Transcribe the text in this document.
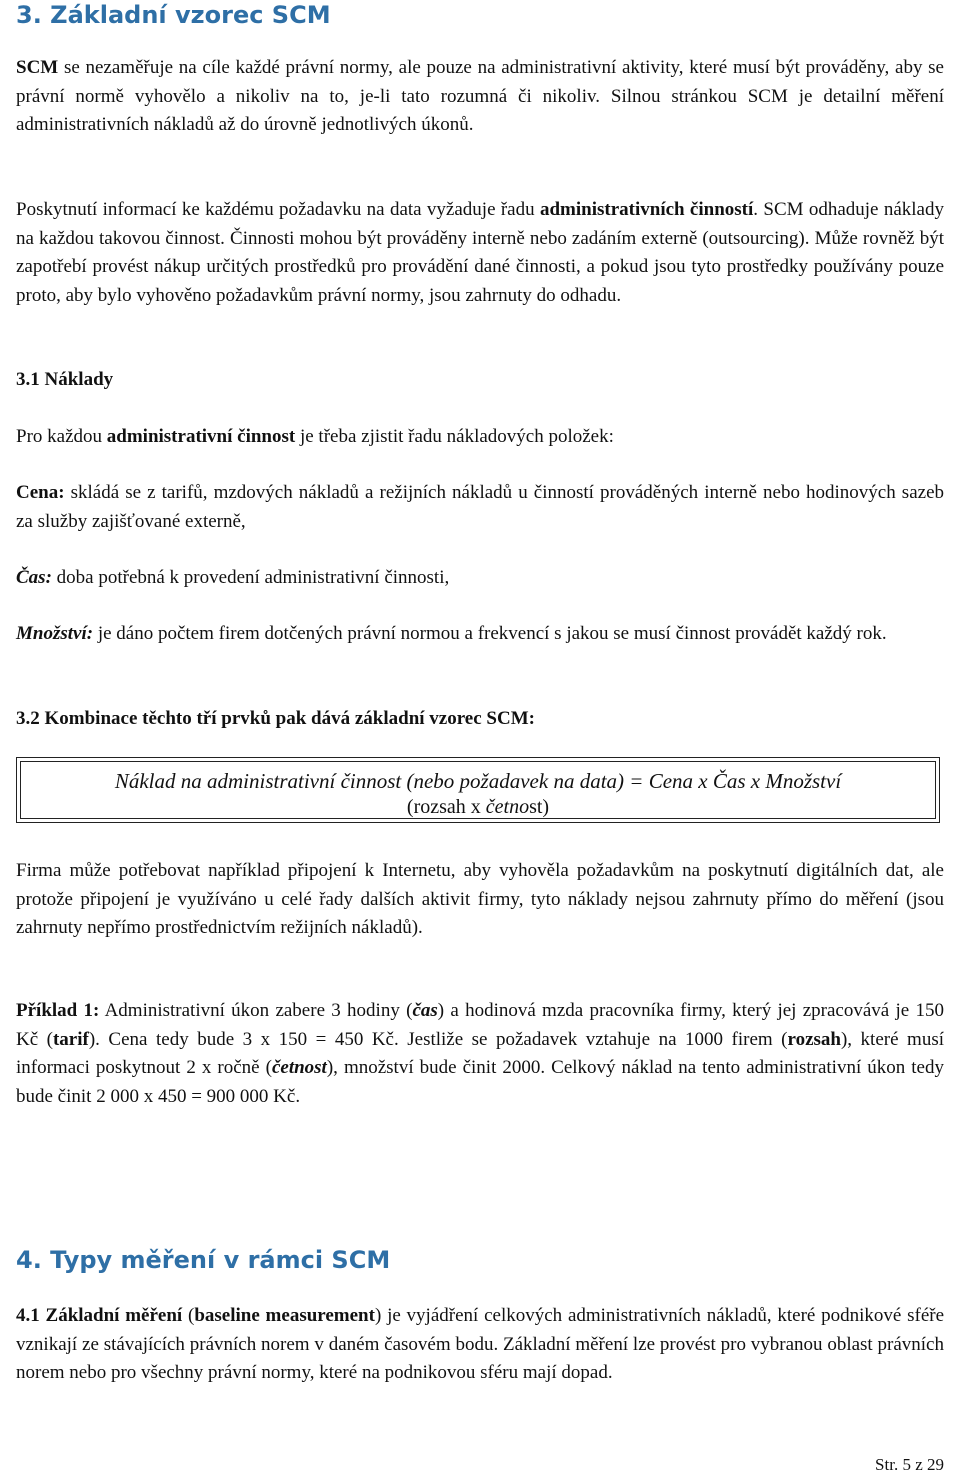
3. Základní vzorec SCM

SCM se nezaměřuje na cíle každé právní normy, ale pouze na administrativní aktivity, které musí být prováděny, aby se právní normě vyhovělo a nikoliv na to, je-li tato rozumná či nikoliv. Silnou stránkou SCM je detailní měření administrativních nákladů až do úrovně jednotlivých úkonů.

Poskytnutí informací ke každému požadavku na data vyžaduje řadu administrativních činností. SCM odhaduje náklady na každou takovou činnost. Činnosti mohou být prováděny interně nebo zadáním externě (outsourcing). Může rovněž být zapotřebí provést nákup určitých prostředků pro provádění dané činnosti, a pokud jsou tyto prostředky používány pouze proto, aby bylo vyhověno požadavkům právní normy, jsou zahrnuty do odhadu.

3.1 Náklady

Pro každou administrativní činnost je třeba zjistit řadu nákladových položek:

Cena: skládá se z tarifů, mzdových nákladů a režijních nákladů u činností prováděných interně nebo hodinových sazeb za služby zajišťované externě,

Čas: doba potřebná k provedení administrativní činnosti,

Množství: je dáno počtem firem dotčených právní normou a frekvencí s jakou se musí činnost provádět každý rok.

3.2 Kombinace těchto tří prvků pak dává základní vzorec SCM:
Náklad na administrativní činnost (nebo požadavek na data) = Cena x Čas x Množství
(rozsah x četnost)

Firma může potřebovat například připojení k Internetu, aby vyhověla požadavkům na poskytnutí digitálních dat, ale protože připojení je využíváno u celé řady dalších aktivit firmy, tyto náklady nejsou zahrnuty přímo do měření (jsou zahrnuty nepřímo prostřednictvím režijních nákladů).

Příklad 1: Administrativní úkon zabere 3 hodiny (čas) a hodinová mzda pracovníka firmy, který jej zpracovává je 150 Kč (tarif). Cena tedy bude 3 x 150 = 450 Kč. Jestliže se požadavek vztahuje na 1000 firem (rozsah), které musí informaci poskytnout 2 x ročně (četnost), množství bude činit 2000. Celkový náklad na tento administrativní úkon tedy bude činit 2 000 x 450 = 900 000 Kč.

4. Typy měření v rámci SCM

4.1 Základní měření (baseline measurement) je vyjádření celkových administrativních nákladů, které podnikové sféře vznikají ze stávajících právních norem v daném časovém bodu. Základní měření lze provést pro vybranou oblast právních norem nebo pro všechny právní normy, které na podnikovou sféru mají dopad.

Str. 5 z 29
